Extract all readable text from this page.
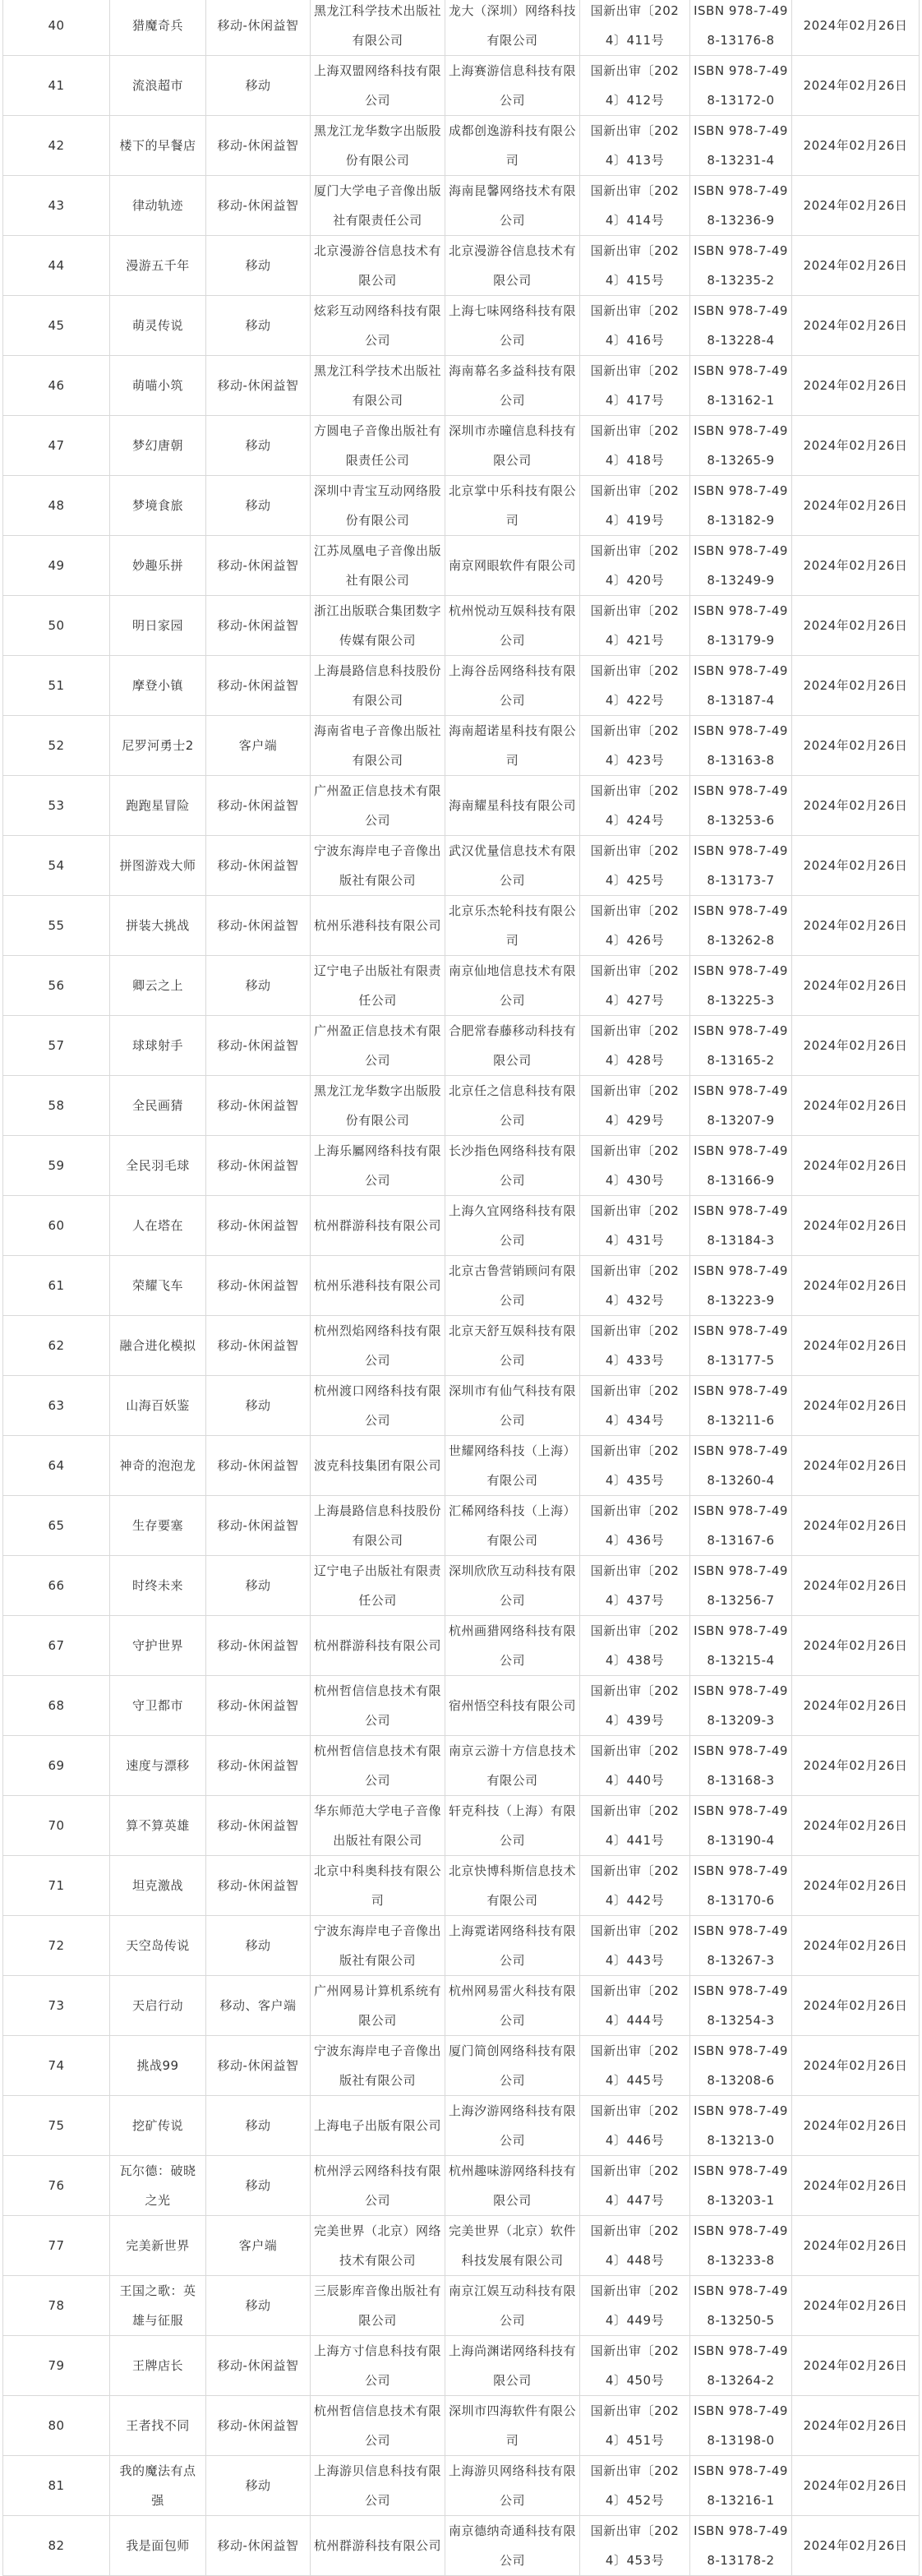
40	猎魔奇兵	移动-休闲益智	黑龙江科学技术出版社有限公司	龙大（深圳）网络科技有限公司	国新出审〔2024〕411号	ISBN 978-7-498-13176-8	2024年02月26日
41	流浪超市	移动	上海双盟网络科技有限公司	上海赛游信息科技有限公司	国新出审〔2024〕412号	ISBN 978-7-498-13172-0	2024年02月26日
42	楼下的早餐店	移动-休闲益智	黑龙江龙华数字出版股份有限公司	成都创逸游科技有限公司	国新出审〔2024〕413号	ISBN 978-7-498-13231-4	2024年02月26日
43	律动轨迹	移动-休闲益智	厦门大学电子音像出版社有限责任公司	海南昆馨网络技术有限公司	国新出审〔2024〕414号	ISBN 978-7-498-13236-9	2024年02月26日
44	漫游五千年	移动	北京漫游谷信息技术有限公司	北京漫游谷信息技术有限公司	国新出审〔2024〕415号	ISBN 978-7-498-13235-2	2024年02月26日
45	萌灵传说	移动	炫彩互动网络科技有限公司	上海七味网络科技有限公司	国新出审〔2024〕416号	ISBN 978-7-498-13228-4	2024年02月26日
46	萌喵小筑	移动-休闲益智	黑龙江科学技术出版社有限公司	海南幕名多益科技有限公司	国新出审〔2024〕417号	ISBN 978-7-498-13162-1	2024年02月26日
47	梦幻唐朝	移动	方圆电子音像出版社有限责任公司	深圳市赤曈信息科技有限公司	国新出审〔2024〕418号	ISBN 978-7-498-13265-9	2024年02月26日
48	梦境食旅	移动	深圳中青宝互动网络股份有限公司	北京掌中乐科技有限公司	国新出审〔2024〕419号	ISBN 978-7-498-13182-9	2024年02月26日
49	妙趣乐拼	移动-休闲益智	江苏凤凰电子音像出版社有限公司	南京网眼软件有限公司	国新出审〔2024〕420号	ISBN 978-7-498-13249-9	2024年02月26日
50	明日家园	移动-休闲益智	浙江出版联合集团数字传媒有限公司	杭州悦动互娱科技有限公司	国新出审〔2024〕421号	ISBN 978-7-498-13179-9	2024年02月26日
51	摩登小镇	移动-休闲益智	上海晨路信息科技股份有限公司	上海谷岳网络科技有限公司	国新出审〔2024〕422号	ISBN 978-7-498-13187-4	2024年02月26日
52	尼罗河勇士2	客户端	海南省电子音像出版社有限公司	海南超诺星科技有限公司	国新出审〔2024〕423号	ISBN 978-7-498-13163-8	2024年02月26日
53	跑跑星冒险	移动-休闲益智	广州盈正信息技术有限公司	海南耀星科技有限公司	国新出审〔2024〕424号	ISBN 978-7-498-13253-6	2024年02月26日
54	拼图游戏大师	移动-休闲益智	宁波东海岸电子音像出版社有限公司	武汉优量信息技术有限公司	国新出审〔2024〕425号	ISBN 978-7-498-13173-7	2024年02月26日
55	拼装大挑战	移动-休闲益智	杭州乐港科技有限公司	北京乐杰轮科技有限公司	国新出审〔2024〕426号	ISBN 978-7-498-13262-8	2024年02月26日
56	卿云之上	移动	辽宁电子出版社有限责任公司	南京仙地信息技术有限公司	国新出审〔2024〕427号	ISBN 978-7-498-13225-3	2024年02月26日
57	球球射手	移动-休闲益智	广州盈正信息技术有限公司	合肥常春藤移动科技有限公司	国新出审〔2024〕428号	ISBN 978-7-498-13165-2	2024年02月26日
58	全民画猜	移动-休闲益智	黑龙江龙华数字出版股份有限公司	北京任之信息科技有限公司	国新出审〔2024〕429号	ISBN 978-7-498-13207-9	2024年02月26日
59	全民羽毛球	移动-休闲益智	上海乐屬网络科技有限公司	长沙指色网络科技有限公司	国新出审〔2024〕430号	ISBN 978-7-498-13166-9	2024年02月26日
60	人在塔在	移动-休闲益智	杭州群游科技有限公司	上海久宜网络科技有限公司	国新出审〔2024〕431号	ISBN 978-7-498-13184-3	2024年02月26日
61	荣耀飞车	移动-休闲益智	杭州乐港科技有限公司	北京古鲁营销顾问有限公司	国新出审〔2024〕432号	ISBN 978-7-498-13223-9	2024年02月26日
62	融合进化模拟	移动-休闲益智	杭州烈焰网络科技有限公司	北京天舒互娱科技有限公司	国新出审〔2024〕433号	ISBN 978-7-498-13177-5	2024年02月26日
63	山海百妖鉴	移动	杭州渡口网络科技有限公司	深圳市有仙气科技有限公司	国新出审〔2024〕434号	ISBN 978-7-498-13211-6	2024年02月26日
64	神奇的泡泡龙	移动-休闲益智	波克科技集团有限公司	世耀网络科技（上海）有限公司	国新出审〔2024〕435号	ISBN 978-7-498-13260-4	2024年02月26日
65	生存要塞	移动-休闲益智	上海晨路信息科技股份有限公司	汇稀网络科技（上海）有限公司	国新出审〔2024〕436号	ISBN 978-7-498-13167-6	2024年02月26日
66	时终未来	移动	辽宁电子出版社有限责任公司	深圳欣欣互动科技有限公司	国新出审〔2024〕437号	ISBN 978-7-498-13256-7	2024年02月26日
67	守护世界	移动-休闲益智	杭州群游科技有限公司	杭州画猎网络科技有限公司	国新出审〔2024〕438号	ISBN 978-7-498-13215-4	2024年02月26日
68	守卫都市	移动-休闲益智	杭州哲信信息技术有限公司	宿州悟空科技有限公司	国新出审〔2024〕439号	ISBN 978-7-498-13209-3	2024年02月26日
69	速度与漂移	移动-休闲益智	杭州哲信信息技术有限公司	南京云游十方信息技术有限公司	国新出审〔2024〕440号	ISBN 978-7-498-13168-3	2024年02月26日
70	算不算英雄	移动-休闲益智	华东师范大学电子音像出版社有限公司	轩克科技（上海）有限公司	国新出审〔2024〕441号	ISBN 978-7-498-13190-4	2024年02月26日
71	坦克激战	移动-休闲益智	北京中科奥科技有限公司	北京快博科斯信息技术有限公司	国新出审〔2024〕442号	ISBN 978-7-498-13170-6	2024年02月26日
72	天空岛传说	移动	宁波东海岸电子音像出版社有限公司	上海霓诺网络科技有限公司	国新出审〔2024〕443号	ISBN 978-7-498-13267-3	2024年02月26日
73	天启行动	移动、客户端	广州网易计算机系统有限公司	杭州网易雷火科技有限公司	国新出审〔2024〕444号	ISBN 978-7-498-13254-3	2024年02月26日
74	挑战99	移动-休闲益智	宁波东海岸电子音像出版社有限公司	厦门简创网络科技有限公司	国新出审〔2024〕445号	ISBN 978-7-498-13208-6	2024年02月26日
75	挖矿传说	移动	上海电子出版有限公司	上海汐游网络科技有限公司	国新出审〔2024〕446号	ISBN 978-7-498-13213-0	2024年02月26日
76	瓦尔德：破晓之光	移动	杭州浮云网络科技有限公司	杭州趣味游网络科技有限公司	国新出审〔2024〕447号	ISBN 978-7-498-13203-1	2024年02月26日
77	完美新世界	客户端	完美世界（北京）网络技术有限公司	完美世界（北京）软件科技发展有限公司	国新出审〔2024〕448号	ISBN 978-7-498-13233-8	2024年02月26日
78	王国之歌：英雄与征服	移动	三辰影库音像出版社有限公司	南京江娱互动科技有限公司	国新出审〔2024〕449号	ISBN 978-7-498-13250-5	2024年02月26日
79	王牌店长	移动-休闲益智	上海方寸信息科技有限公司	上海尚渊诺网络科技有限公司	国新出审〔2024〕450号	ISBN 978-7-498-13264-2	2024年02月26日
80	王者找不同	移动-休闲益智	杭州哲信信息技术有限公司	深圳市四海软件有限公司	国新出审〔2024〕451号	ISBN 978-7-498-13198-0	2024年02月26日
81	我的魔法有点强	移动	上海游贝信息科技有限公司	上海游贝网络科技有限公司	国新出审〔2024〕452号	ISBN 978-7-498-13216-1	2024年02月26日
82	我是面包师	移动-休闲益智	杭州群游科技有限公司	南京德纳奇通科技有限公司	国新出审〔2024〕453号	ISBN 978-7-498-13178-2	2024年02月26日
